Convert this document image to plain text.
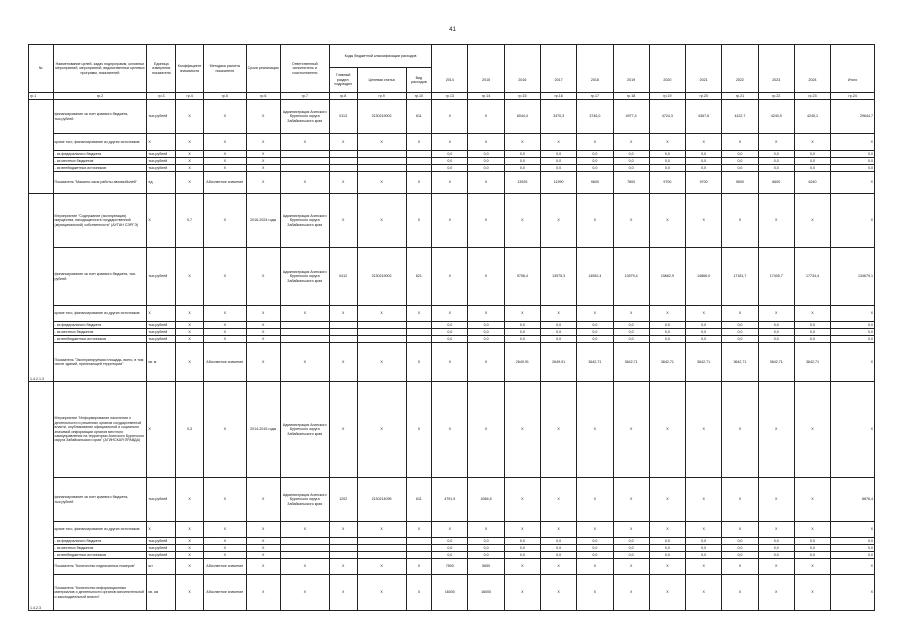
41
№	Наименование целей, задач подпрограмм, основных мероприятий, мероприятий, ведомственных целевых программ, показателей	Единица измерения показателя	Коэффициент значимости	Методика расчета показателя	Сроки реализации	Ответственный исполнитель и соисполнители	Коды бюджетной классификации расходов														
							Главный раздел, подраздел	Целевая статья	Вид расходов	2014	2015	2016	2017	2018	2019	2020	2021	2022	2023	2024	Итого
гр.1	гр.2	гр.3	гр.4	гр.5	гр.6	гр.7	гр.8	гр.9	гр.10	гр.13	гр.14	гр.15	гр.16	гр.17	гр.18	гр.19	гр.20	гр.21	гр.22	гр.23	гр.24
	финансирование за счет краевого бюджета, тыс.рублей	тыс.рублей	Х	Х	Х	Администрация Агинского Бурятского округа Забайкальского края	0113	2130219002	611	Х	Х	6044,4	3470,3	3746,0	4977,4	4724,3	4367,6	4122,7	4240,9	4245,1	29644,7
	кроме того, финансирование из других источников:	Х	Х	Х	Х	Х	Х	Х	Х	Х	Х	Х	Х	Х	Х	Х	Х	Х	Х	Х	Х
	- из федерального бюджета	тыс.рублей	Х	Х	Х					0,0	0,0	0,0	0,0	0,0	0,0	0,0	0,0	0,0	0,0	0,0	0,0
	- из местных бюджетов	тыс.рублей	Х	Х	Х					0,0	0,0	0,0	0,0	0,0	0,0	0,0	0,0	0,0	0,0	0,0	0,0
	- из внебюджетных источников	тыс.рублей	Х	Х	Х					0,0	0,0	0,0	0,0	0,0	0,0	0,0	0,0	0,0	0,0	0,0	0,0
	Показатель "Машино-часы работы автомобилей"	ед.	Х	Абсолютное значение	Х	Х	Х	Х	Х	Х	Х	13925	11990	9600	7800	9700	9700	9600	6600	6240	Х
1.4.2.1.3	Мероприятие "Содержание (эксплуатация) имущества, находящегося в государственной (муниципальной) собственности" (АУТАН СЭРГЭ)	Х	0,7	Х	2016-2024 годы	Администрация Агинского Бурятского округа Забайкальского края	Х	Х	Х	Х	Х	Х	Х	Х	Х	Х	Х	Х	Х	Х	Х
	финансирование за счет краевого бюджета, тыс. рублей	тыс.рублей	Х	Х	Х	Администрация Агинского Бурятского округа Забайкальского края	0412	2130219002	621	Х	Х	9758,4	13975,3	14552,4	13979,4	15662,9	14866,0	17181,7	17405,7	17734,4	134679,1
	кроме того, финансирование из других источников:	Х	Х	Х	Х	Х	Х	Х	Х	Х	Х	Х	Х	Х	Х	Х	Х	Х	Х	Х	Х
	- из федерального бюджета	тыс.рублей	Х	Х	Х					0,0	0,0	0,0	0,0	0,0	0,0	0,0	0,0	0,0	0,0	0,0	0,0
	- из местных бюджетов	тыс.рублей	Х	Х	Х					0,0	0,0	0,0	0,0	0,0	0,0	0,0	0,0	0,0	0,0	0,0	0,0
	- из внебюджетных источников	тыс.рублей	Х	Х	Х					0,0	0,0	0,0	0,0	0,0	0,0	0,0	0,0	0,0	0,0	0,0	0,0
	Показатель "Эксплуатируемая площадь, всего, в том числе зданий, прилегающей территории"	кв. м	Х	Абсолютное значение	Х	Х	Х	Х	Х	Х	Х	2649,91	2649,91	3642,71	3642,71	3642,71	3642,71	3642,71	3642,71	3642,71	Х
1.4.2.3	Мероприятие "Информирование населения о деятельности и решениях органов государственной власти, опубликование официальной и социально значимой информации органов местного самоуправления на территории Агинского Бурятского округа Забайкальского края" (АГИНСКАЯ ПРАВДА)	Х	0,3	Х	2014-2015 годы	Администрация Агинского Бурятского округа Забайкальского края	Х	Х	Х	Х	Х	Х	Х	Х	Х	Х	Х	Х	Х	Х	Х
	финансирование за счет краевого бюджета, тыс.рублей	тыс.рублей	Х	Х	Х	Администрация Агинского Бурятского округа Забайкальского края	1202	2130214095	611	4791,9	4084,5	Х	Х	Х	Х	Х	Х	Х	Х	Х	8876,4
	кроме того, финансирование из других источников:	Х	Х	Х	Х	Х	Х	Х	Х	Х	Х	Х	Х	Х	Х	Х	Х	Х	Х	Х	Х
	- из федерального бюджета	тыс.рублей	Х	Х	Х					0,0	0,0	0,0	0,0	0,0	0,0	0,0	0,0	0,0	0,0	0,0	0,0
	- из местных бюджетов	тыс.рублей	Х	Х	Х					0,0	0,0	0,0	0,0	0,0	0,0	0,0	0,0	0,0	0,0	0,0	0,0
	- из внебюджетных источников	тыс.рублей	Х	Х	Х					0,0	0,0	0,0	0,0	0,0	0,0	0,0	0,0	0,0	0,0	0,0	0,0
	Показатель "Количество подписанных номеров"	шт	Х	Абсолютное значение	Х	Х	Х	Х	Х	7500	5650	Х	Х	Х	Х	Х	Х	Х	Х	Х	Х
	Показатель "Количество информационных материалов о деятельности органов исполнительной и законодательной власти"	кв. см	Х	Абсолютное значение	Х	Х	Х	Х	Х	16000	16000	Х	Х	Х	Х	Х	Х	Х	Х	Х	Х
